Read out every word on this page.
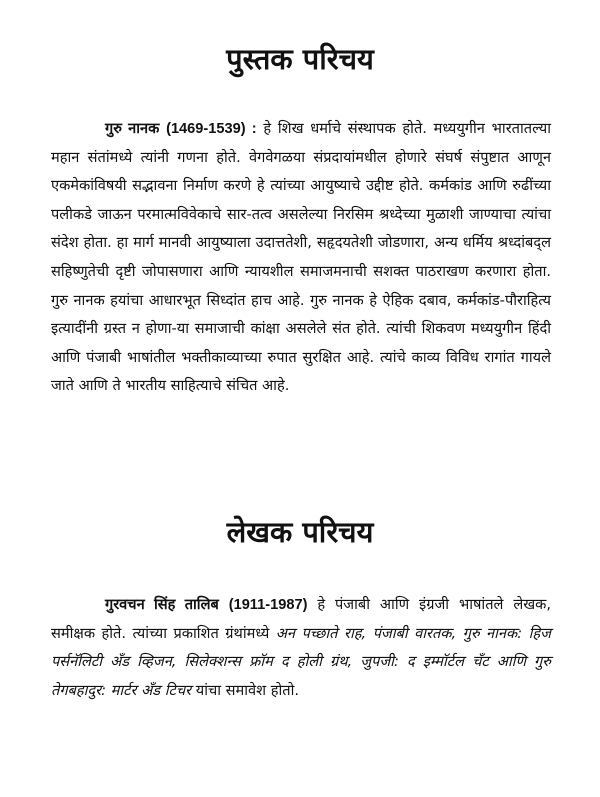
पुस्तक परिचय

गुरु नानक (1469-1539) : हे शिख धर्माचे संस्थापक होते. मध्ययुगीन भारतातल्या महान संतांमध्ये त्यांनी गणना होते. वेगवेगळया संप्रदायांमधील होणारे संघर्ष संपुष्टात आणून एकमेकांविषयी सद्भावना निर्माण करणे हे त्यांच्या आयुष्याचे उद्दीष्ट होते. कर्मकांड आणि रुढींच्या पलीकडे जाऊन परमात्मविवेकाचे सार-तत्व असलेल्या निरसिम श्रध्देच्या मुळाशी जाण्याचा त्यांचा संदेश होता. हा मार्ग मानवी आयुष्याला उदात्ततेशी, सहृदयतेशी जोडणारा, अन्य धर्मिय श्रध्दांबद्ल सहिष्णुतेची दृष्टी जोपासणारा आणि न्यायशील समाजमनाची सशक्त पाठराखण करणारा होता. गुरु नानक हयांचा आधारभूत सिध्दांत हाच आहे. गुरु नानक हे ऐहिक दबाव, कर्मकांड-पौराहित्य इत्यादींनी ग्रस्त न होणा-या समाजाची कांक्षा असलेले संत होते. त्यांची शिकवण मध्ययुगीन हिंदी आणि पंजाबी भाषांतील भक्तीकाव्याच्या रुपात सुरक्षित आहे. त्यांचे काव्य विविध रागांत गायले जाते आणि ते भारतीय साहित्याचे संचित आहे.

लेखक परिचय

गुरवचन सिंह तालिब (1911-1987) हे पंजाबी आणि इंग्रजी भाषांतले लेखक, समीक्षक होते. त्यांच्या प्रकाशित ग्रंथांमध्ये अन पच्छाते राह, पंजाबी वारतक, गुरु नानक: हिज पर्सनॅलिटी अँड व्हिजन, सिलेक्शन्स फ्रॉम द होली ग्रंथ, जुपजी: द इम्मॉर्टल चँट आणि गुरु तेगबहादुर: मार्टर अँड टिचर यांचा समावेश होतो.
